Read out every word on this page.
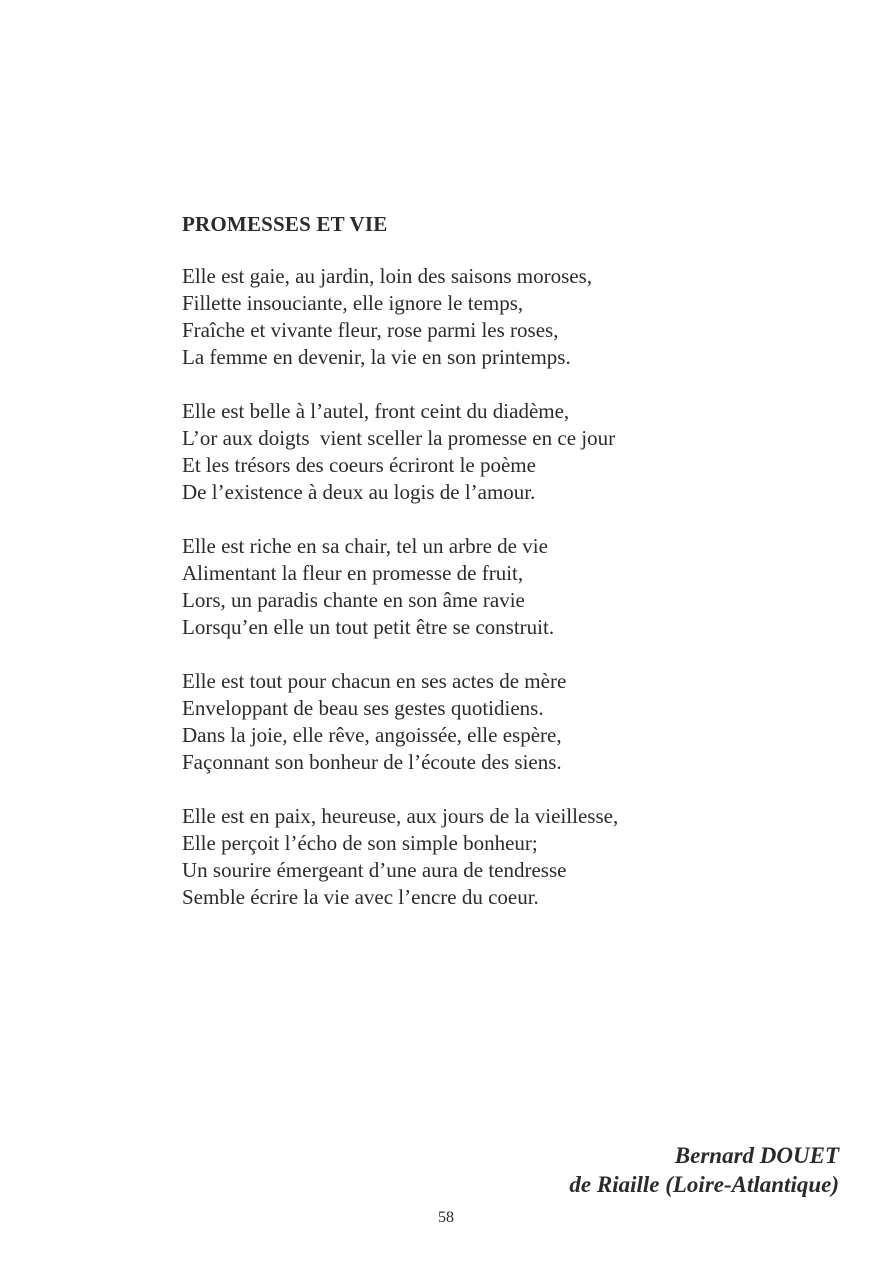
PROMESSES ET VIE
Elle est gaie, au jardin, loin des saisons moroses,
Fillette insouciante, elle ignore le temps,
Fraîche et vivante fleur, rose parmi les roses,
La femme en devenir, la vie en son printemps.
Elle est belle à l’autel, front ceint du diadème,
L’or aux doigts  vient sceller la promesse en ce jour
Et les trésors des coeurs écriront le poème
De l’existence à deux au logis de l’amour.
Elle est riche en sa chair, tel un arbre de vie
Alimentant la fleur en promesse de fruit,
Lors, un paradis chante en son âme ravie
Lorsqu’en elle un tout petit être se construit.
Elle est tout pour chacun en ses actes de mère
Enveloppant de beau ses gestes quotidiens.
Dans la joie, elle rêve, angoissée, elle espère,
Façonnant son bonheur de l’écoute des siens.
Elle est en paix, heureuse, aux jours de la vieillesse,
Elle perçoit l’écho de son simple bonheur;
Un sourire émergeant d’une aura de tendresse
Semble écrire la vie avec l’encre du coeur.
Bernard DOUET
de Riaille (Loire-Atlantique)
58
